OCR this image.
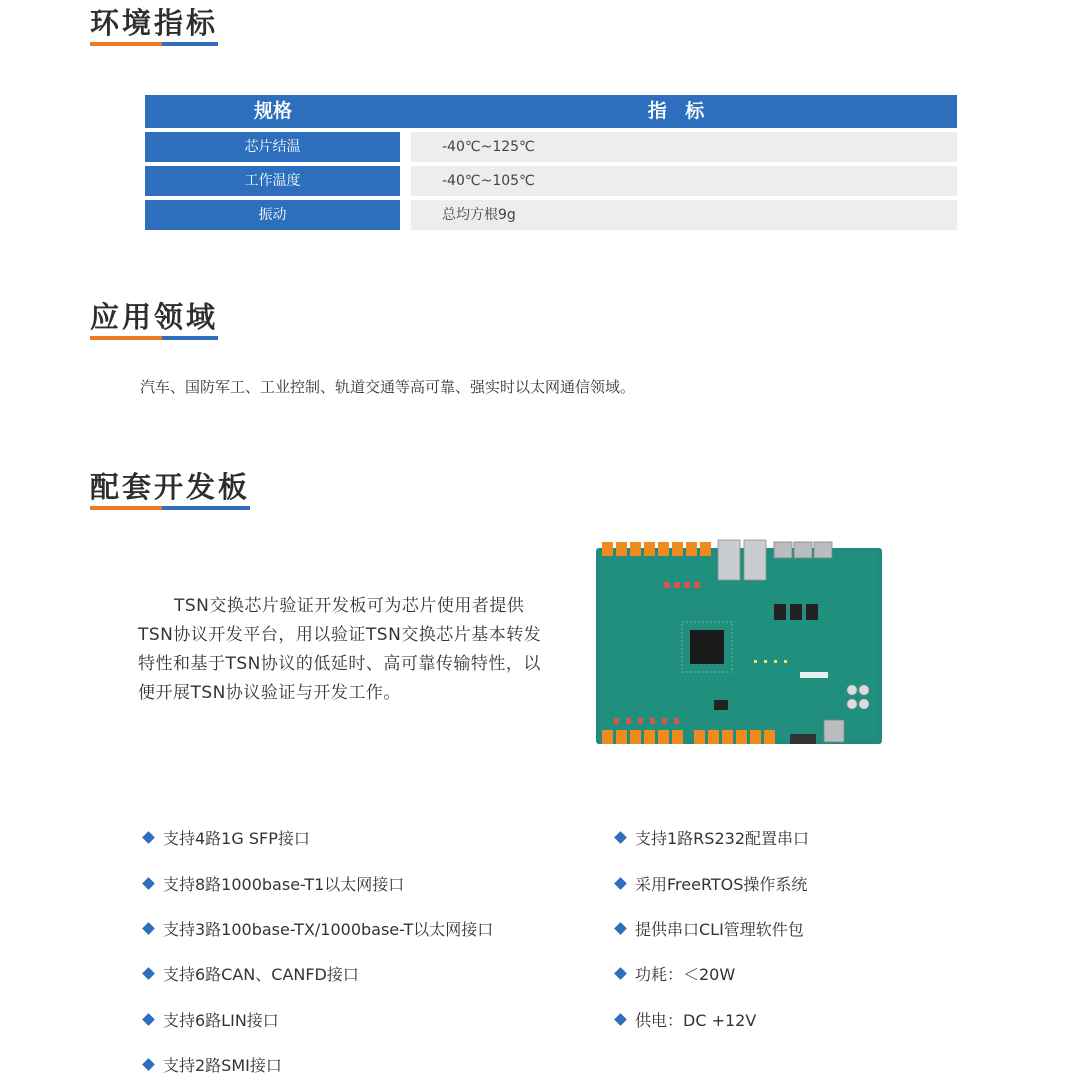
环境指标
规格	指 标
芯片结温	-40℃~125℃
工作温度	-40℃~105℃
振动	总均方根9g
应用领域

汽车、国防军工、工业控制、轨道交通等高可靠、强实时以太网通信领域。

配套开发板

TSN交换芯片验证开发板可为芯片使用者提供TSN协议开发平台，用以验证TSN交换芯片基本转发特性和基于TSN协议的低延时、高可靠传输特性，以便开展TSN协议验证与开发工作。

支持4路1G SFP接口
支持8路1000base-T1以太网接口
支持3路100base-TX/1000base-T以太网接口
支持6路CAN、CANFD接口
支持6路LIN接口
支持2路SMI接口
支持1路RS232配置串口
采用FreeRTOS操作系统
提供串口CLI管理软件包
功耗：＜20W
供电：DC +12V
